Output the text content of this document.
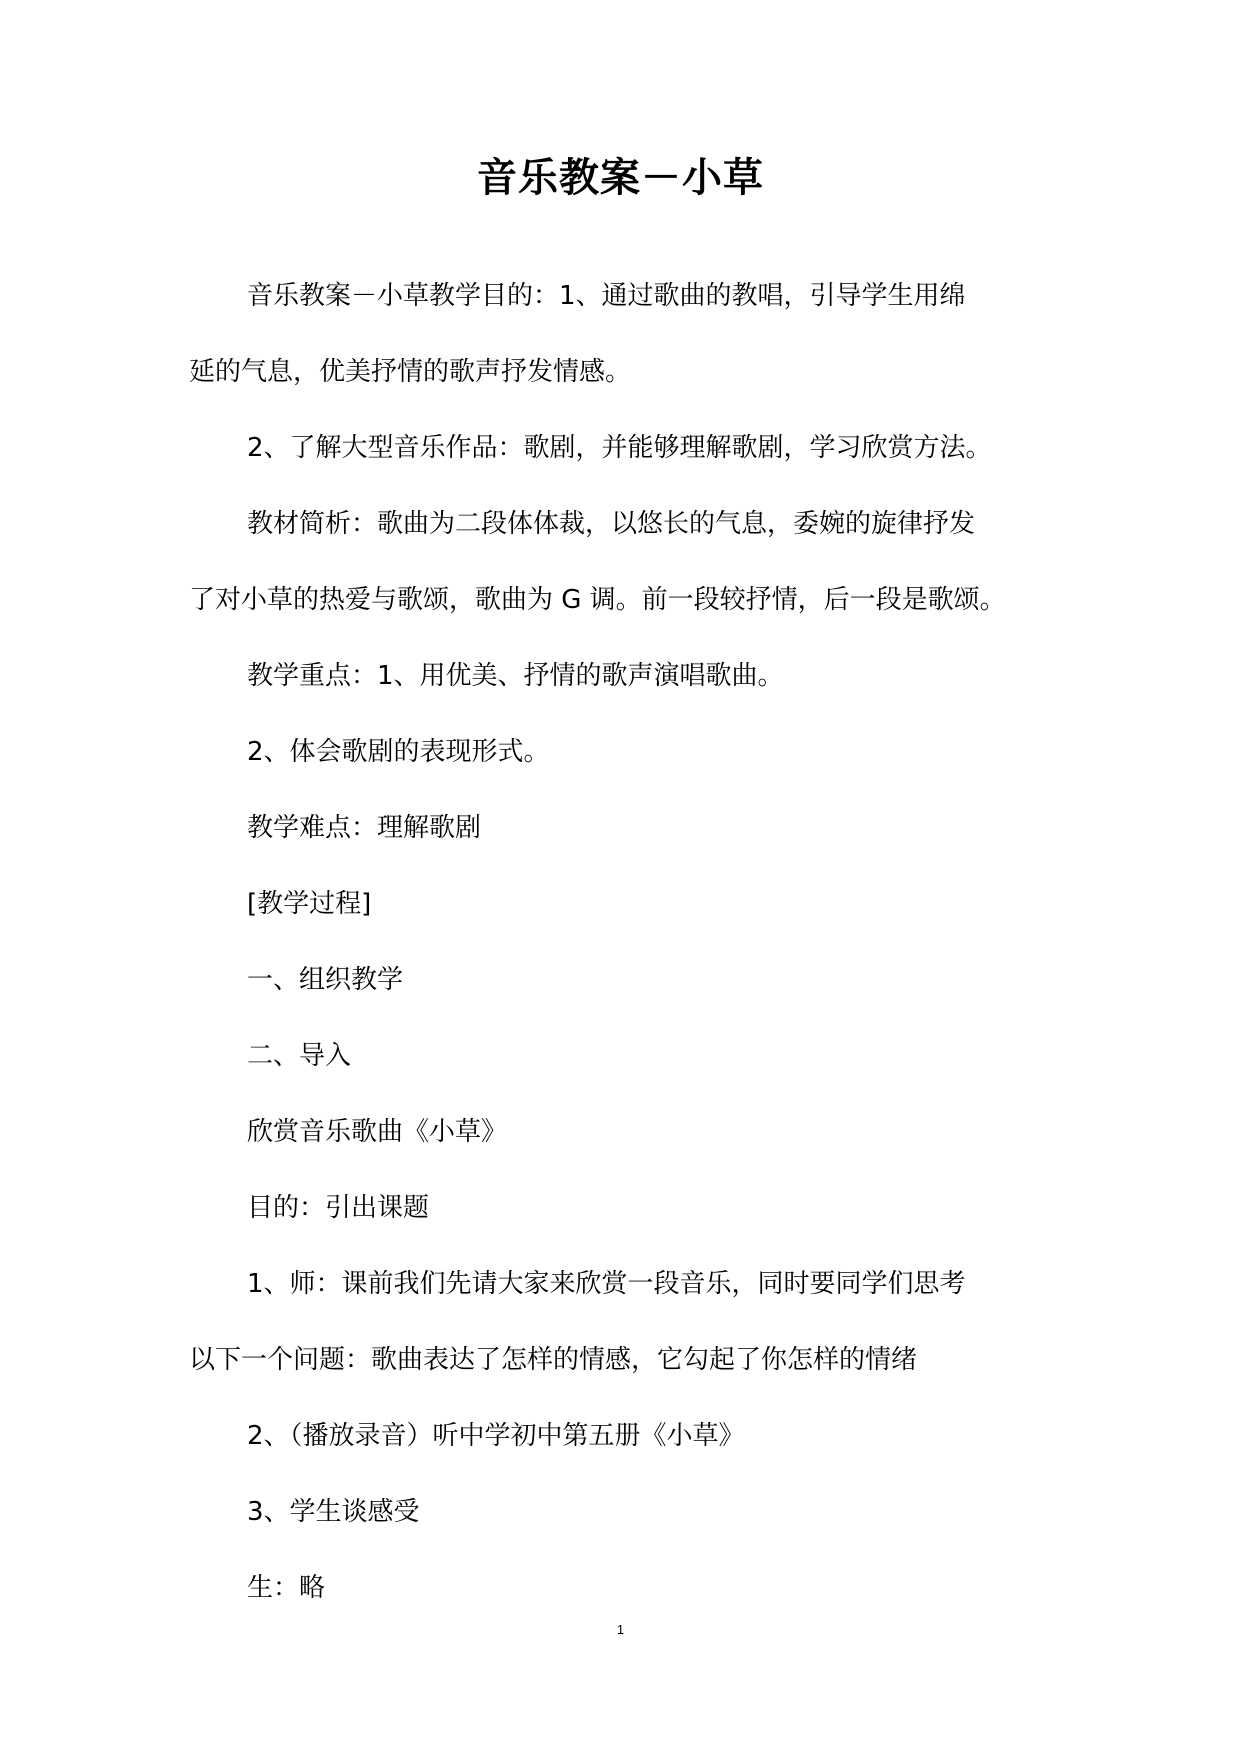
音乐教案－小草
音乐教案－小草教学目的：1、通过歌曲的教唱，引导学生用绵
延的气息，优美抒情的歌声抒发情感。
2、了解大型音乐作品：歌剧，并能够理解歌剧，学习欣赏方法。
教材简析：歌曲为二段体体裁，以悠长的气息，委婉的旋律抒发
了对小草的热爱与歌颂，歌曲为 G 调。前一段较抒情，后一段是歌颂。
教学重点：1、用优美、抒情的歌声演唱歌曲。
2、体会歌剧的表现形式。
教学难点：理解歌剧
[教学过程]
一、组织教学
二、导入
欣赏音乐歌曲《小草》
目的：引出课题
1、师：课前我们先请大家来欣赏一段音乐，同时要同学们思考
以下一个问题：歌曲表达了怎样的情感，它勾起了你怎样的情绪
2、（播放录音）听中学初中第五册《小草》
3、学生谈感受
生：略
1
